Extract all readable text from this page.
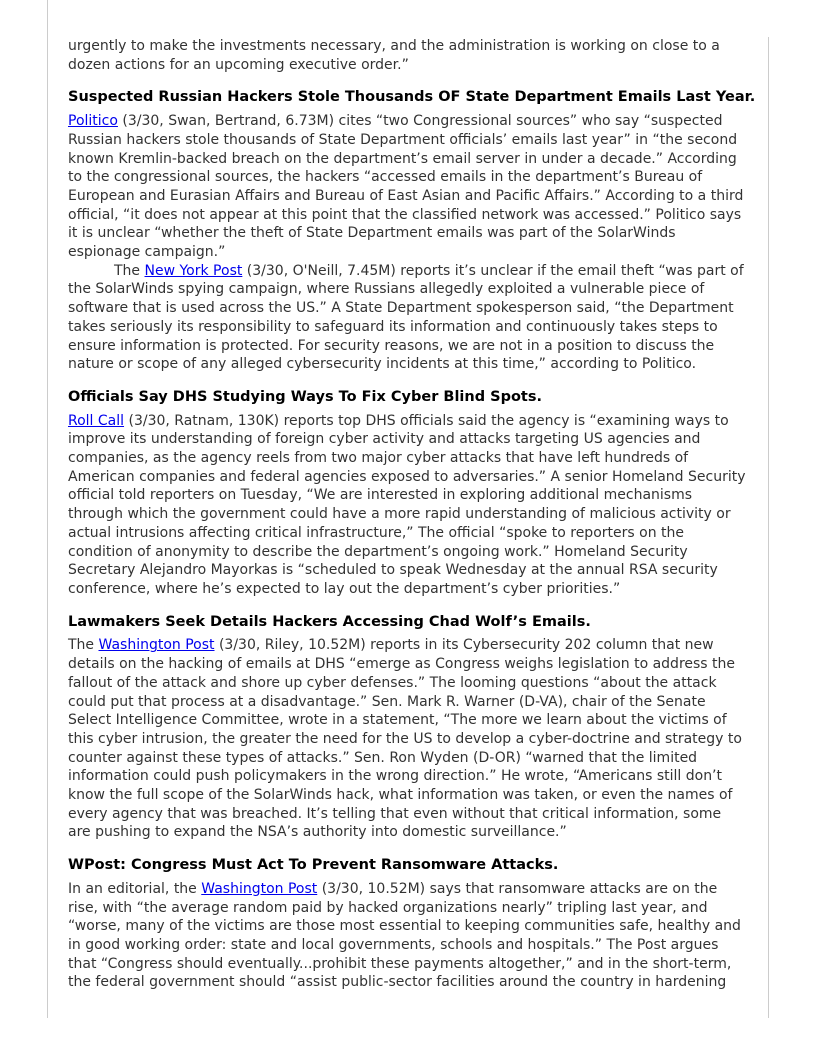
urgently to make the investments necessary, and the administration is working on close to a
dozen actions for an upcoming executive order.”

Suspected Russian Hackers Stole Thousands OF State Department Emails Last Year.

Politico (3/30, Swan, Bertrand, 6.73M) cites “two Congressional sources” who say “suspected
Russian hackers stole thousands of State Department officials’ emails last year” in “the second
known Kremlin-backed breach on the department’s email server in under a decade.” According
to the congressional sources, the hackers “accessed emails in the department’s Bureau of
European and Eurasian Affairs and Bureau of East Asian and Pacific Affairs.” According to a third
official, “it does not appear at this point that the classified network was accessed.” Politico says
it is unclear “whether the theft of State Department emails was part of the SolarWinds
espionage campaign.”

The New York Post (3/30, O'Neill, 7.45M) reports it’s unclear if the email theft “was part of
the SolarWinds spying campaign, where Russians allegedly exploited a vulnerable piece of
software that is used across the US.” A State Department spokesperson said, “the Department
takes seriously its responsibility to safeguard its information and continuously takes steps to
ensure information is protected. For security reasons, we are not in a position to discuss the
nature or scope of any alleged cybersecurity incidents at this time,” according to Politico.

Officials Say DHS Studying Ways To Fix Cyber Blind Spots.

Roll Call (3/30, Ratnam, 130K) reports top DHS officials said the agency is “examining ways to
improve its understanding of foreign cyber activity and attacks targeting US agencies and
companies, as the agency reels from two major cyber attacks that have left hundreds of
American companies and federal agencies exposed to adversaries.” A senior Homeland Security
official told reporters on Tuesday, “We are interested in exploring additional mechanisms
through which the government could have a more rapid understanding of malicious activity or
actual intrusions affecting critical infrastructure,” The official “spoke to reporters on the
condition of anonymity to describe the department’s ongoing work.” Homeland Security
Secretary Alejandro Mayorkas is “scheduled to speak Wednesday at the annual RSA security
conference, where he’s expected to lay out the department’s cyber priorities.”

Lawmakers Seek Details Hackers Accessing Chad Wolf’s Emails.

The Washington Post (3/30, Riley, 10.52M) reports in its Cybersecurity 202 column that new
details on the hacking of emails at DHS “emerge as Congress weighs legislation to address the
fallout of the attack and shore up cyber defenses.” The looming questions “about the attack
could put that process at a disadvantage.” Sen. Mark R. Warner (D-VA), chair of the Senate
Select Intelligence Committee, wrote in a statement, “The more we learn about the victims of
this cyber intrusion, the greater the need for the US to develop a cyber-doctrine and strategy to
counter against these types of attacks.” Sen. Ron Wyden (D-OR) “warned that the limited
information could push policymakers in the wrong direction.” He wrote, “Americans still don’t
know the full scope of the SolarWinds hack, what information was taken, or even the names of
every agency that was breached. It’s telling that even without that critical information, some
are pushing to expand the NSA’s authority into domestic surveillance.”

WPost: Congress Must Act To Prevent Ransomware Attacks.

In an editorial, the Washington Post (3/30, 10.52M) says that ransomware attacks are on the
rise, with “the average random paid by hacked organizations nearly” tripling last year, and
“worse, many of the victims are those most essential to keeping communities safe, healthy and
in good working order: state and local governments, schools and hospitals.” The Post argues
that “Congress should eventually...prohibit these payments altogether,” and in the short-term,
the federal government should “assist public-sector facilities around the country in hardening
